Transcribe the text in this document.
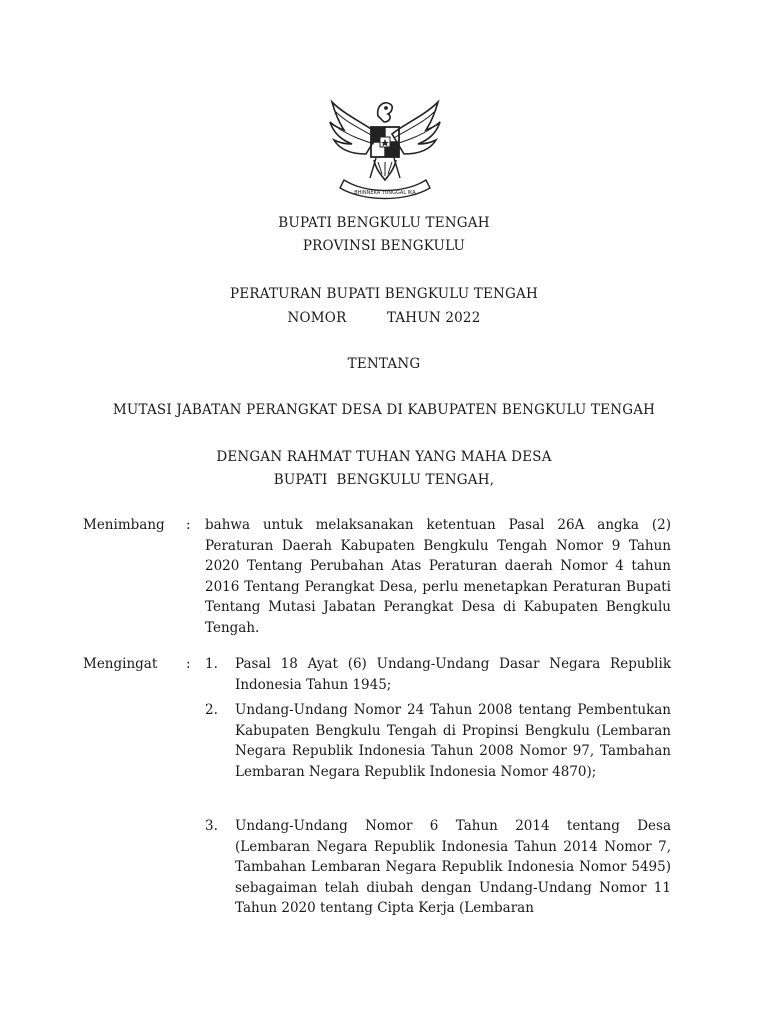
BHINNEKA TUNGGAL IKA
BUPATI BENGKULU TENGAH
PROVINSI BENGKULU
PERATURAN BUPATI BENGKULU TENGAH
NOMOR         TAHUN 2022
TENTANG
MUTASI JABATAN PERANGKAT DESA DI KABUPATEN BENGKULU TENGAH
DENGAN RAHMAT TUHAN YANG MAHA DESA
BUPATI  BENGKULU TENGAH,
Menimbang : bahwa untuk melaksanakan ketentuan Pasal 26A angka (2) Peraturan Daerah Kabupaten Bengkulu Tengah Nomor 9 Tahun 2020 Tentang Perubahan Atas Peraturan daerah Nomor 4 tahun 2016 Tentang Perangkat Desa, perlu menetapkan Peraturan Bupati Tentang Mutasi Jabatan Perangkat Desa di Kabupaten Bengkulu Tengah.
Mengingat : 1. Pasal 18 Ayat (6) Undang-Undang Dasar Negara Republik Indonesia Tahun 1945;
2. Undang-Undang Nomor 24 Tahun 2008 tentang Pembentukan Kabupaten Bengkulu Tengah di Propinsi Bengkulu (Lembaran Negara Republik Indonesia Tahun 2008 Nomor 97, Tambahan Lembaran Negara Republik Indonesia Nomor 4870);
3. Undang-Undang Nomor 6 Tahun 2014 tentang Desa (Lembaran Negara Republik Indonesia Tahun 2014 Nomor 7, Tambahan Lembaran Negara Republik Indonesia Nomor 5495) sebagaiman telah diubah dengan Undang-Undang Nomor 11 Tahun 2020 tentang Cipta Kerja (Lembaran
